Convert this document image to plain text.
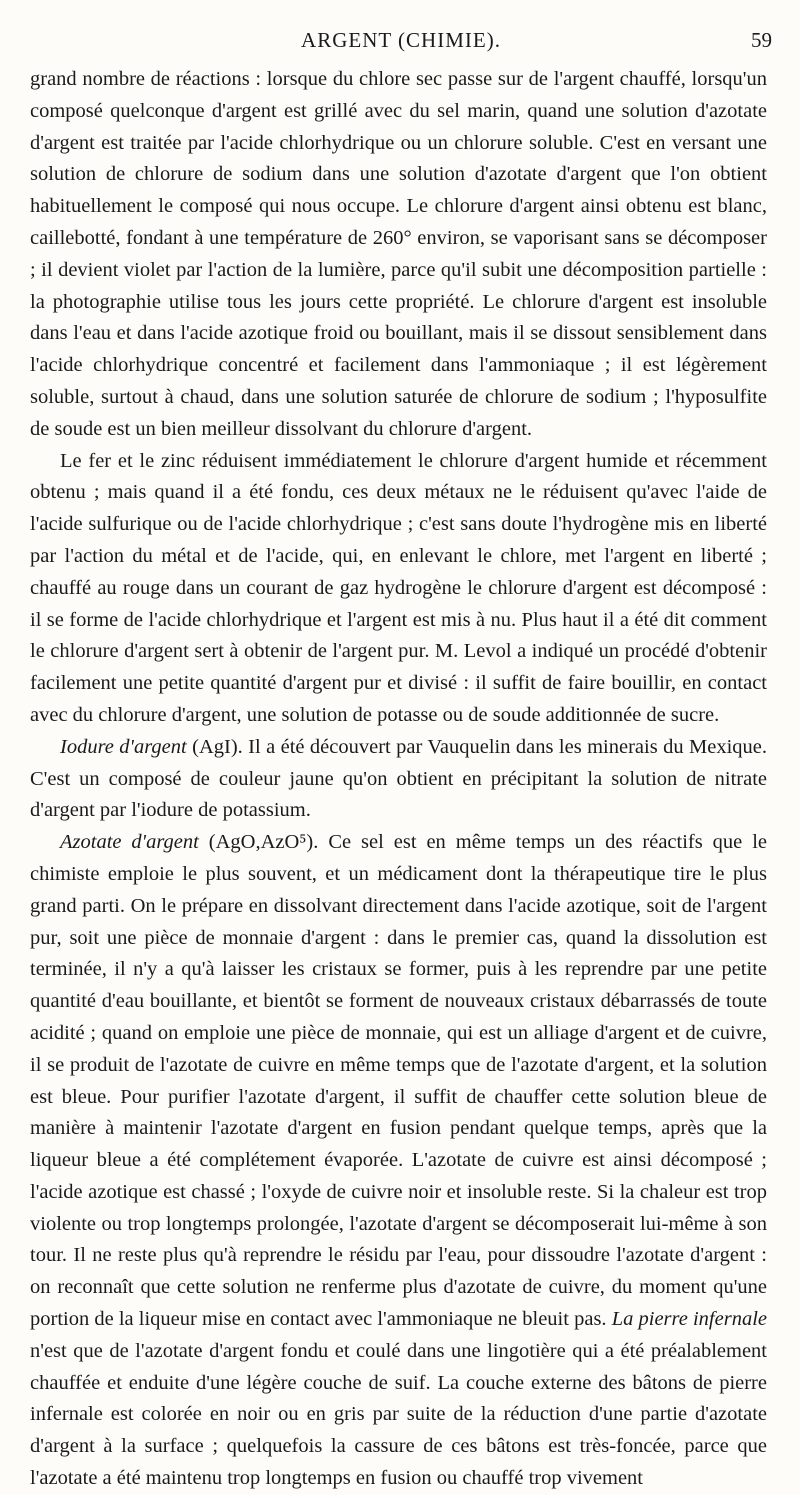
ARGENT (CHIMIE).	59

grand nombre de réactions : lorsque du chlore sec passe sur de l'argent chauffé, lorsqu'un composé quelconque d'argent est grillé avec du sel marin, quand une solution d'azotate d'argent est traitée par l'acide chlorhydrique ou un chlorure soluble. C'est en versant une solution de chlorure de sodium dans une solution d'azotate d'argent que l'on obtient habituellement le composé qui nous occupe. Le chlorure d'argent ainsi obtenu est blanc, caillebotté, fondant à une température de 260° environ, se vaporisant sans se décomposer ; il devient violet par l'action de la lumière, parce qu'il subit une décomposition partielle : la photographie utilise tous les jours cette propriété. Le chlorure d'argent est insoluble dans l'eau et dans l'acide azotique froid ou bouillant, mais il se dissout sensiblement dans l'acide chlorhydrique concentré et facilement dans l'ammoniaque ; il est légèrement soluble, surtout à chaud, dans une solution saturée de chlorure de sodium ; l'hyposulfite de soude est un bien meilleur dissolvant du chlorure d'argent.

Le fer et le zinc réduisent immédiatement le chlorure d'argent humide et récemment obtenu ; mais quand il a été fondu, ces deux métaux ne le réduisent qu'avec l'aide de l'acide sulfurique ou de l'acide chlorhydrique ; c'est sans doute l'hydrogène mis en liberté par l'action du métal et de l'acide, qui, en enlevant le chlore, met l'argent en liberté ; chauffé au rouge dans un courant de gaz hydrogène le chlorure d'argent est décomposé : il se forme de l'acide chlorhydrique et l'argent est mis à nu. Plus haut il a été dit comment le chlorure d'argent sert à obtenir de l'argent pur. M. Levol a indiqué un procédé d'obtenir facilement une petite quantité d'argent pur et divisé : il suffit de faire bouillir, en contact avec du chlorure d'argent, une solution de potasse ou de soude additionnée de sucre.

Iodure d'argent (AgI). Il a été découvert par Vauquelin dans les minerais du Mexique. C'est un composé de couleur jaune qu'on obtient en précipitant la solution de nitrate d'argent par l'iodure de potassium.

Azotate d'argent (AgO,AzO⁵). Ce sel est en même temps un des réactifs que le chimiste emploie le plus souvent, et un médicament dont la thérapeutique tire le plus grand parti. On le prépare en dissolvant directement dans l'acide azotique, soit de l'argent pur, soit une pièce de monnaie d'argent : dans le premier cas, quand la dissolution est terminée, il n'y a qu'à laisser les cristaux se former, puis à les reprendre par une petite quantité d'eau bouillante, et bientôt se forment de nouveaux cristaux débarrassés de toute acidité ; quand on emploie une pièce de monnaie, qui est un alliage d'argent et de cuivre, il se produit de l'azotate de cuivre en même temps que de l'azotate d'argent, et la solution est bleue. Pour purifier l'azotate d'argent, il suffit de chauffer cette solution bleue de manière à maintenir l'azotate d'argent en fusion pendant quelque temps, après que la liqueur bleue a été complétement évaporée. L'azotate de cuivre est ainsi décomposé ; l'acide azotique est chassé ; l'oxyde de cuivre noir et insoluble reste. Si la chaleur est trop violente ou trop longtemps prolongée, l'azotate d'argent se décomposerait lui-même à son tour. Il ne reste plus qu'à reprendre le résidu par l'eau, pour dissoudre l'azotate d'argent : on reconnaît que cette solution ne renferme plus d'azotate de cuivre, du moment qu'une portion de la liqueur mise en contact avec l'ammoniaque ne bleuit pas. La pierre infernale n'est que de l'azotate d'argent fondu et coulé dans une lingotière qui a été préalablement chauffée et enduite d'une légère couche de suif. La couche externe des bâtons de pierre infernale est colorée en noir ou en gris par suite de la réduction d'une partie d'azotate d'argent à la surface ; quelquefois la cassure de ces bâtons est très-foncée, parce que l'azotate a été maintenu trop longtemps en fusion ou chauffé trop vivement
